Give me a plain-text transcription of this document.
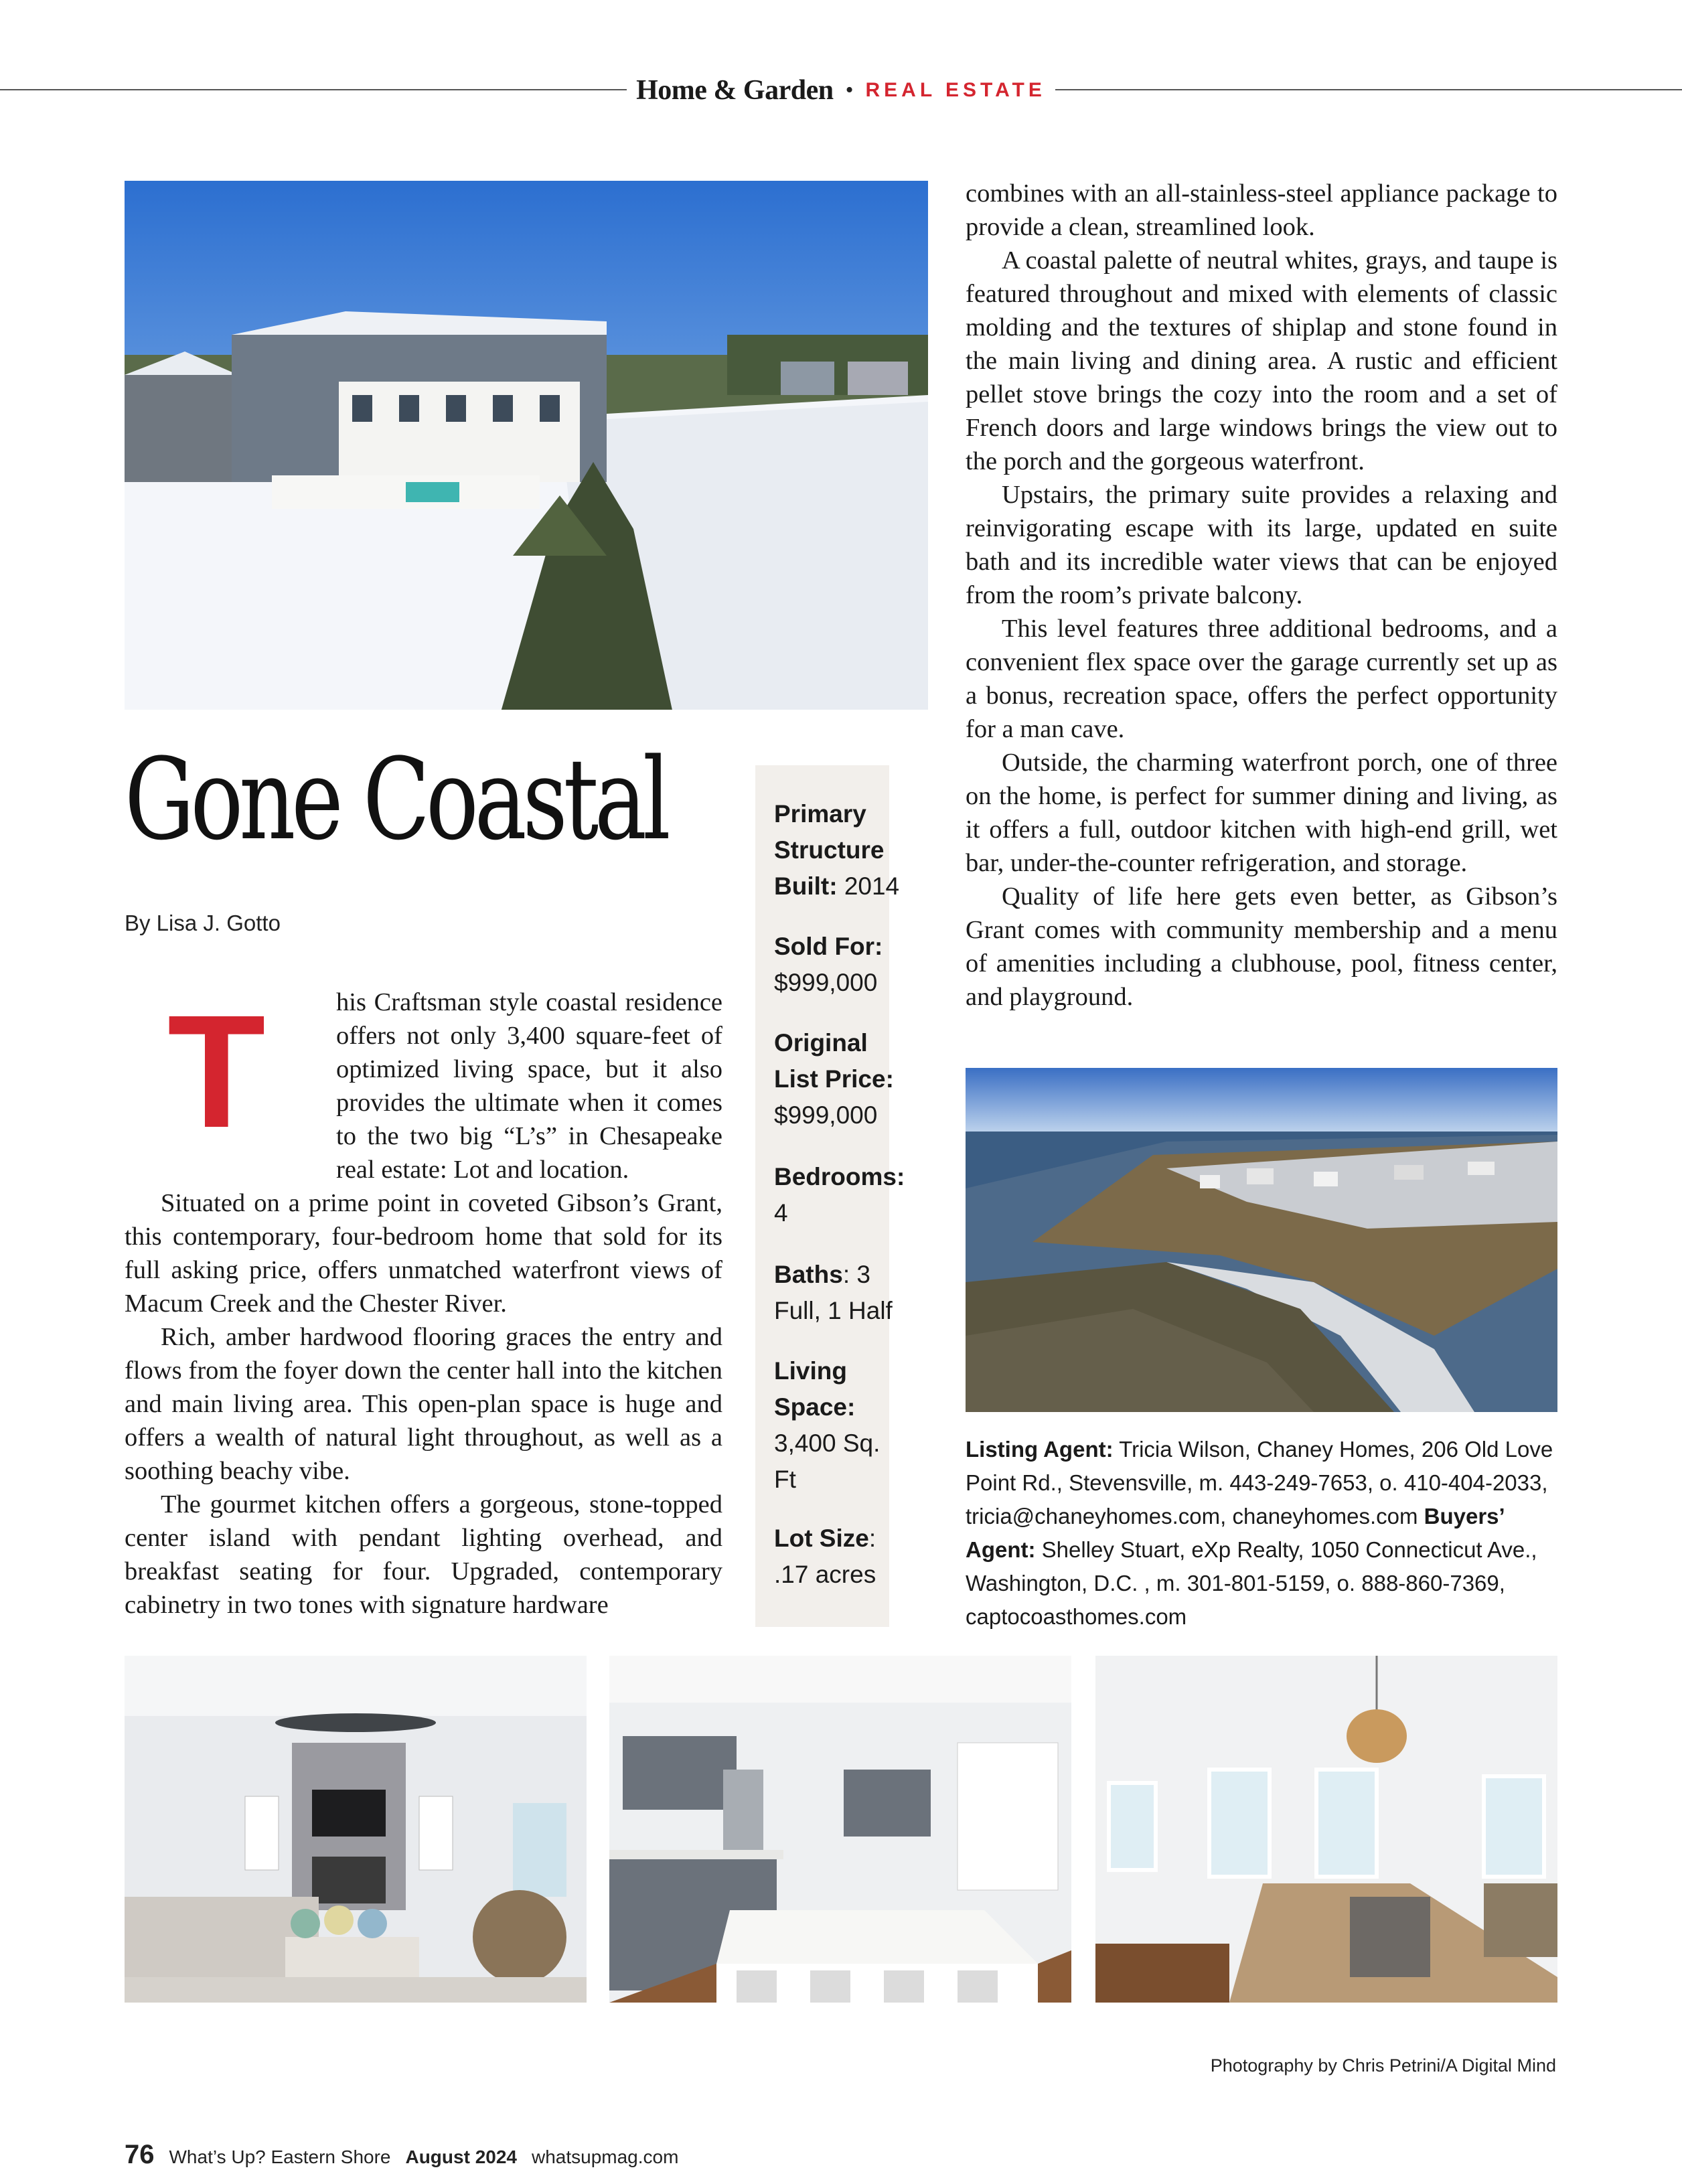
Home & Garden • REAL ESTATE
Gone Coastal
By Lisa J. Gotto
T	his Craftsman style coastal residence offers not only 3,400 square-feet of optimized living space, but it also provides the ultimate when it comes to the two big “L’s” in Chesapeake real estate: Lot and location.

Situated on a prime point in coveted Gibson’s Grant, this contemporary, four-bedroom home that sold for its full asking price, offers unmatched waterfront views of Macum Creek and the Chester River.

Rich, amber hardwood flooring graces the entry and flows from the foyer down the center hall into the kitchen and main living area. This open-plan space is huge and offers a wealth of natural light throughout, as well as a soothing beachy vibe.

The gourmet kitchen offers a gorgeous, stone-topped center island with pendant lighting overhead, and breakfast seating for four. Upgraded, contemporary cabinetry in two tones with signature hardware

Primary Structure Built: 2014
Sold For:
$999,000
Original List Price:
$999,000
Bedrooms:
4
Baths: 3 Full, 1 Half
Living Space:
3,400 Sq. Ft
Lot Size: .17 acres

combines with an all-stainless-steel appliance package to provide a clean, streamlined look.

A coastal palette of neutral whites, grays, and taupe is featured throughout and mixed with elements of classic molding and the textures of shiplap and stone found in the main living and dining area. A rustic and efficient pellet stove brings the cozy into the room and a set of French doors and large windows brings the view out to the porch and the gorgeous waterfront.

Upstairs, the primary suite provides a relaxing and reinvigorating escape with its large, updated en suite bath and its incredible water views that can be enjoyed from the room’s private balcony.

This level features three additional bedrooms, and a convenient flex space over the garage currently set up as a bonus, recreation space, offers the perfect opportunity for a man cave.

Outside, the charming waterfront porch, one of three on the home, is perfect for summer dining and living, as it offers a full, outdoor kitchen with high-end grill, wet bar, under-the-counter refrigeration, and storage.

Quality of life here gets even better, as Gibson’s Grant comes with community membership and a menu of amenities including a clubhouse, pool, fitness center, and playground.

Listing Agent: Tricia Wilson, Chaney Homes, 206 Old Love Point Rd., Stevensville, m. 443-249-7653, o. 410-404-2033, tricia@chaneyhomes.com, chaneyhomes.com Buyers’ Agent: Shelley Stuart, eXp Realty, 1050 Connecticut Ave., Washington, D.C. , m. 301-801-5159, o. 888-860-7369, captocoasthomes.com
Photography by Chris Petrini/A Digital Mind
76 What’s Up? Eastern Shore August 2024 whatsupmag.com
